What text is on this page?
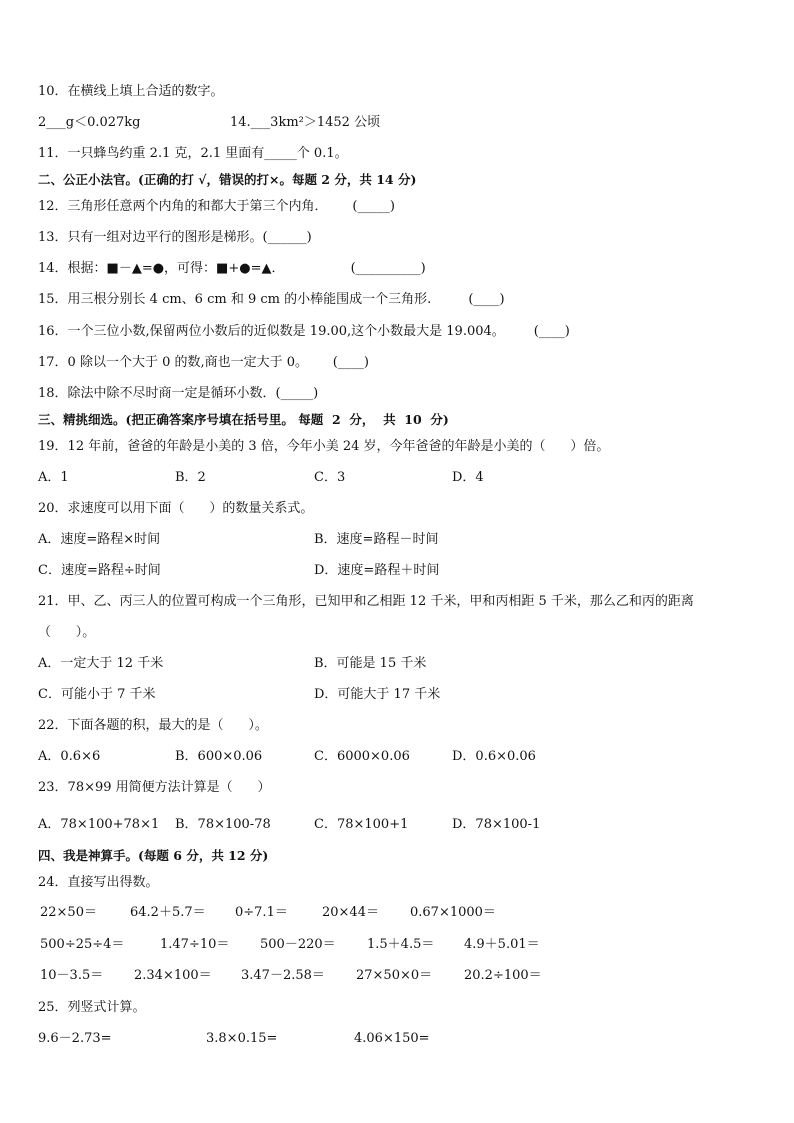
10．在横线上填上合适的数字。
2___g＜0.027kg	14.___3km²＞1452 公顷
11．一只蜂鸟约重 2.1 克，2.1 里面有_____个 0.1。
二、公正小法官。(正确的打 √，错误的打×。每题 2 分，共 14 分)
12．三角形任意两个内角的和都大于第三个内角．      (_____)
13．只有一组对边平行的图形是梯形。(______)
14．根据：■－▲=●，可得：■+●=▲．                (__________)
15．用三根分别长 4 cm、6 cm 和 9 cm 的小棒能围成一个三角形.         (____)
16．一个三位小数,保留两位小数后的近似数是 19.00,这个小数最大是 19.004。       (____)
17．0 除以一个大于 0 的数,商也一定大于 0。      (____)
18．除法中除不尽时商一定是循环小数．(_____)
三、精挑细选。(把正确答案序号填在括号里。 每题  2  分，  共  10  分)
19．12 年前，爸爸的年龄是小美的 3 倍，今年小美 24 岁，今年爸爸的年龄是小美的（      ）倍。
A．1	B．2	C．3	D．4
20．求速度可以用下面（      ）的数量关系式。
A．速度=路程×时间	B．速度=路程－时间
C．速度=路程÷时间	D．速度=路程＋时间
21．甲、乙、丙三人的位置可构成一个三角形，已知甲和乙相距 12 千米，甲和丙相距 5 千米，那么乙和丙的距离
（      ）。
A．一定大于 12 千米	B．可能是 15 千米
C．可能小于 7 千米	D．可能大于 17 千米
22．下面各题的积，最大的是（      ）。
A．0.6×6	B．600×0.06	C．6000×0.06	D．0.6×0.06
23．78×99 用简便方法计算是（      ）
A．78×100+78×1 B．78×100-78	C．78×100+1	D．78×100-1
四、我是神算手。(每题 6 分，共 12 分)
24．直接写出得数。
22×50＝	64.2＋5.7＝ 0÷7.1＝	20×44＝ 0.67×1000＝
500÷25÷4＝	1.47÷10＝ 500－220＝ 1.5＋4.5＝ 4.9＋5.01＝
10－3.5＝ 2.34×100＝ 3.47－2.58＝ 27×50×0＝ 20.2÷100＝
25．列竖式计算。
9.6－2.73=	3.8×0.15=	4.06×150=
